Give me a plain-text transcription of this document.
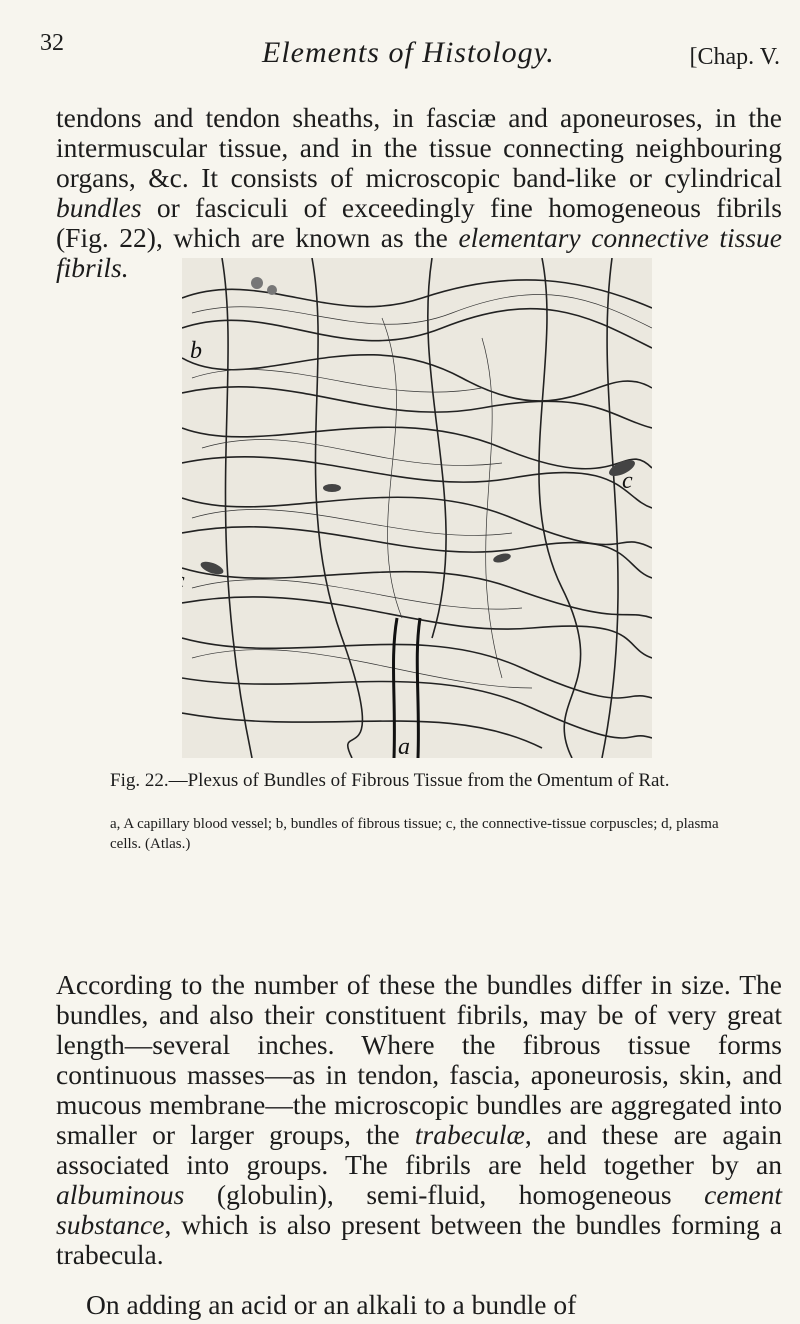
32	Elements of Histology.	[Chap. V.

tendons and tendon sheaths, in fasciæ and aponeuroses, in the intermuscular tissue, and in the tissue connecting neighbouring organs, &c. It consists of microscopic band-like or cylindrical bundles or fasciculi of exceedingly fine homogeneous fibrils (Fig. 22), which are known as the elementary connective tissue fibrils.

b
c
a
Fig. 22.—Plexus of Bundles of Fibrous Tissue from the Omentum of Rat.
a, A capillary blood vessel; b, bundles of fibrous tissue; c, the connective-tissue corpuscles; d, plasma cells. (Atlas.)

According to the number of these the bundles differ in size. The bundles, and also their constituent fibrils, may be of very great length—several inches. Where the fibrous tissue forms continuous masses—as in tendon, fascia, aponeurosis, skin, and mucous membrane—the microscopic bundles are aggregated into smaller or larger groups, the trabeculæ, and these are again associated into groups. The fibrils are held together by an albuminous (globulin), semi-fluid, homogeneous cement substance, which is also present between the bundles forming a trabecula.

On adding an acid or an alkali to a bundle of
